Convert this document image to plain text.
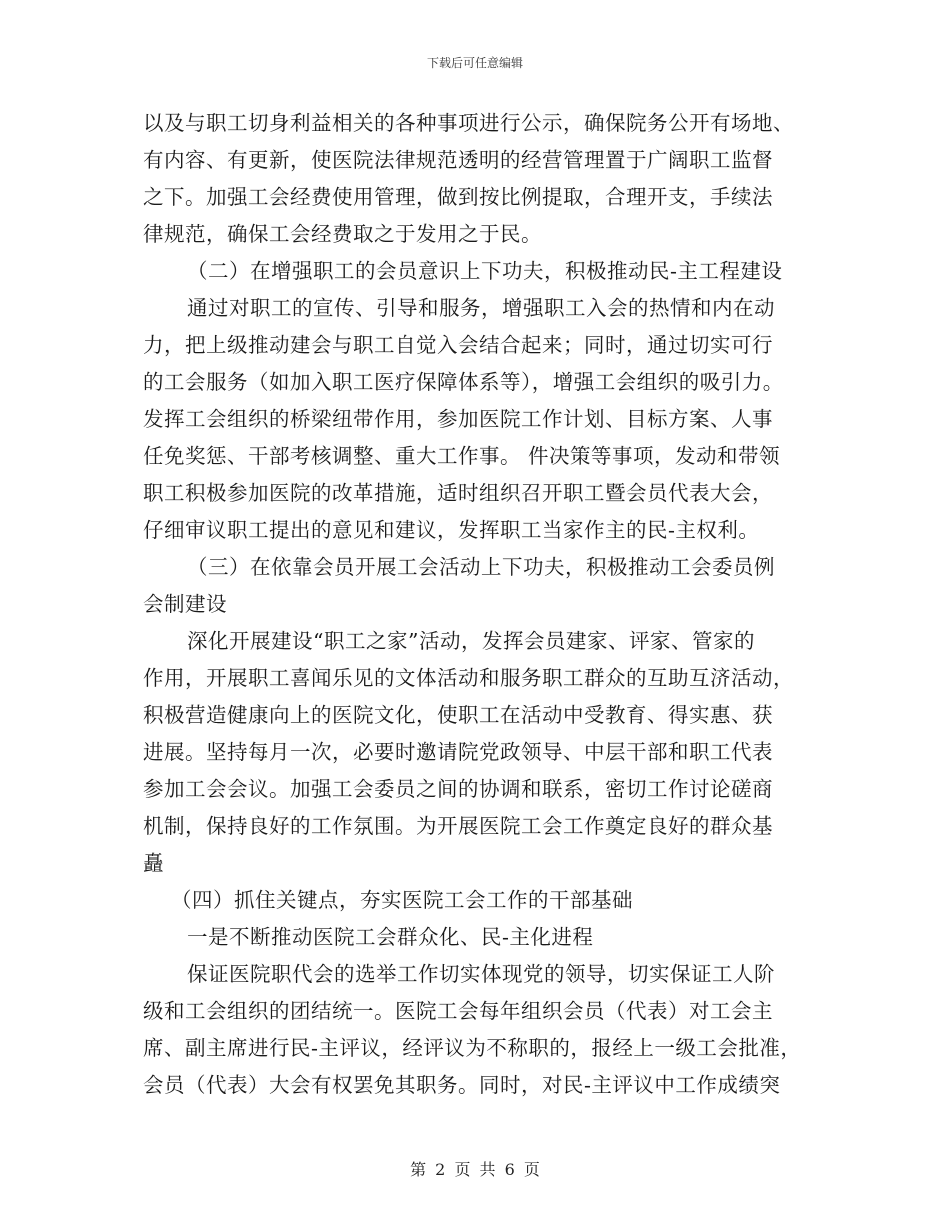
下载后可任意编辑
以及与职工切身利益相关的各种事项进行公示，确保院务公开有场地、
有内容、有更新，使医院法律规范透明的经营管理置于广阔职工监督
之下。加强工会经费使用管理，做到按比例提取，合理开支，手续法
律规范，确保工会经费取之于发用之于民。
（二）在增强职工的会员意识上下功夫，积极推动民-主工程建设
通过对职工的宣传、引导和服务，增强职工入会的热情和内在动
力，把上级推动建会与职工自觉入会结合起来；同时，通过切实可行
的工会服务（如加入职工医疗保障体系等），增强工会组织的吸引力。
发挥工会组织的桥梁纽带作用，参加医院工作计划、目标方案、人事
任免奖惩、干部考核调整、重大工作事。 件决策等事项，发动和带领
职工积极参加医院的改革措施，适时组织召开职工暨会员代表大会，
仔细审议职工提出的意见和建议，发挥职工当家作主的民-主权利。
（三）在依靠会员开展工会活动上下功夫，积极推动工会委员例
会制建设
深化开展建设“职工之家”活动，发挥会员建家、评家、管家的
作用，开展职工喜闻乐见的文体活动和服务职工群众的互助互济活动，
积极营造健康向上的医院文化，使职工在活动中受教育、得实惠、获
进展。坚持每月一次，必要时邀请院党政领导、中层干部和职工代表
参加工会会议。加强工会委员之间的协调和联系，密切工作讨论磋商
机制，保持良好的工作氛围。为开展医院工会工作奠定良好的群众基
矗
（四）抓住关键点，夯实医院工会工作的干部基础
一是不断推动医院工会群众化、民-主化进程
保证医院职代会的选举工作切实体现党的领导，切实保证工人阶
级和工会组织的团结统一。医院工会每年组织会员（代表）对工会主
席、副主席进行民-主评议，经评议为不称职的，报经上一级工会批准，
会员（代表）大会有权罢免其职务。同时，对民-主评议中工作成绩突
第 2 页 共 6 页
